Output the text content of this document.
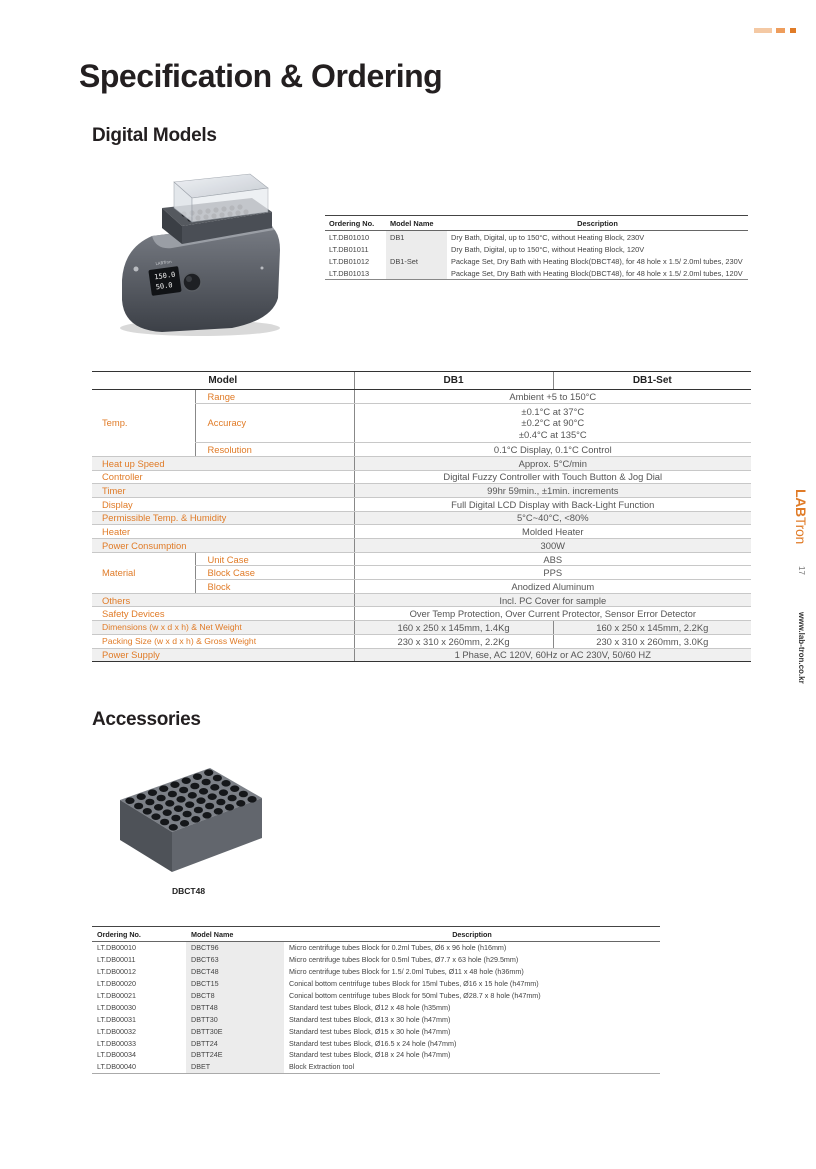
Specification & Ordering
Digital Models
150.0
50.0
LABTron
Ordering No.	Model Name	Description
LT.DB01010	DB1	Dry Bath, Digital, up to 150°C, without Heating Block, 230V
LT.DB01011		Dry Bath, Digital, up to 150°C, without Heating Block, 120V
LT.DB01012	DB1-Set	Package Set, Dry Bath with Heating Block(DBCT48), for 48 hole x 1.5/ 2.0ml tubes, 230V
LT.DB01013		Package Set, Dry Bath with Heating Block(DBCT48), for 48 hole x 1.5/ 2.0ml tubes, 120V
Model		DB1	DB1-Set
Temp.	Range	Ambient +5 to 150°C	
	Accuracy	±0.1°C at 37°C
±0.2°C at 90°C
±0.4°C at 135°C	

	Resolution	0.1°C Display, 0.1°C Control	
Heat up Speed		Approx. 5°C/min	
Controller		Digital Fuzzy Controller with Touch Button & Jog Dial	
Timer		99hr 59min., ±1min. increments	
Display		Full Digital LCD Display with Back-Light Function	
Permissible Temp. & Humidity		5°C~40°C, <80%	
Heater		Molded Heater	
Power Consumption		300W	
Material	Unit Case	ABS	
	Block Case	PPS	
	Block	Anodized Aluminum	
Others		Incl. PC Cover for sample	
Safety Devices		Over Temp Protection, Over Current Protector, Sensor Error Detector	
Dimensions (w x d x h) & Net Weight		160 x 250 x 145mm, 1.4Kg	160 x 250 x 145mm, 2.2Kg
Packing Size (w x d x h) & Gross Weight		230 x 310 x 260mm, 2.2Kg	230 x 310 x 260mm, 3.0Kg
Power Supply		1 Phase, AC 120V, 60Hz or AC 230V, 50/60 HZ	
Accessories
DBCT48
Ordering No.	Model Name	Description
LT.DB00010	DBCT96	Micro centrifuge tubes Block for 0.2ml Tubes, Ø6 x 96 hole (h16mm)
LT.DB00011	DBCT63	Micro centrifuge tubes Block for 0.5ml Tubes, Ø7.7 x 63 hole (h29.5mm)
LT.DB00012	DBCT48	Micro centrifuge tubes Block for 1.5/ 2.0ml Tubes, Ø11 x 48 hole (h36mm)
LT.DB00020	DBCT15	Conical bottom centrifuge tubes Block for 15ml Tubes, Ø16 x 15 hole (h47mm)
LT.DB00021	DBCT8	Conical bottom centrifuge tubes Block for 50ml Tubes, Ø28.7 x 8 hole (h47mm)
LT.DB00030	DBTT48	Standard test tubes Block, Ø12 x 48 hole (h35mm)
LT.DB00031	DBTT30	Standard test tubes Block, Ø13 x 30 hole (h47mm)
LT.DB00032	DBTT30E	Standard test tubes Block, Ø15 x 30 hole (h47mm)
LT.DB00033	DBTT24	Standard test tubes Block, Ø16.5 x 24 hole (h47mm)
LT.DB00034	DBTT24E	Standard test tubes Block, Ø18 x 24 hole (h47mm)
LT.DB00040	DBET	Block Extraction tool
LABTron
17
www.lab-tron.co.kr
